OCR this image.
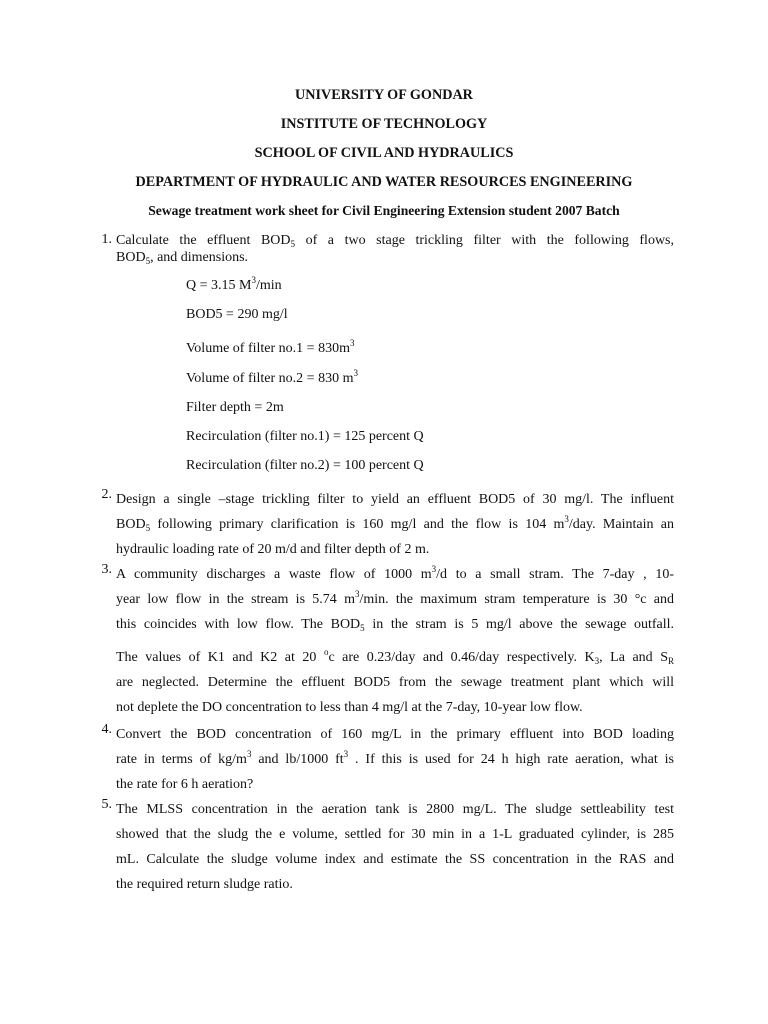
UNIVERSITY OF GONDAR
INSTITUTE OF TECHNOLOGY
SCHOOL OF CIVIL AND HYDRAULICS
DEPARTMENT OF HYDRAULIC AND WATER RESOURCES ENGINEERING
Sewage treatment work sheet for Civil Engineering Extension student 2007 Batch
1. Calculate the effluent $BOD_5$ of a two stage trickling filter with the following flows,
$BOD_5$, and dimensions.
Q = 3.15 $M^3/\min$
BOD5 = 290 mg/l
Volume of filter $no.1 = 830m^3$
Volume of filter no.2 = 830 $m^3$
Filter depth = 2m
Recirculation (filter no.1) = 125 percent Q
Recirculation (filter no.2) = 100 percent Q
2. Design a single –stage trickling filter to yield an effluent BOD5 of 30 mg/l. The influent
$BOD_5$ following primary clarification is 160 mg/l and the flow is 104 $m^3$/day. Maintain an
hydraulic loading rate of 20 m/d and filter depth of 2 m.
3. A community discharges a waste flow of 1000 $m^3/d$ to a small stram. The 7-day , 10-
year low flow in the stream is 5.74 $m^3/\min$. the maximum stram temperature is 30 °c and
this coincides with low flow. The $BOD_5$ in the stram is 5 mg/l above the sewage outfall.
The values of K1 and K2 at 20 $^o$c are 0.23/day and 0.46/day respectively. $K_3$, La and $S_R$
are neglected. Determine the effluent BOD5 from the sewage treatment plant which will
not deplete the DO concentration to less than 4 mg/l at the 7-day, 10-year low flow.
4. Convert the BOD concentration of 160 mg/L in the primary effluent into BOD loading
rate in terms of $kg/m^3$ and lb/1000 $ft^3$ . If this is used for 24 h high rate aeration, what is
the rate for 6 h aeration?
5. The MLSS concentration in the aeration tank is 2800 mg/L. The sludge settleability test
showed that the sludg the e volume, settled for 30 min in a 1-L graduated cylinder, is 285
mL. Calculate the sludge volume index and estimate the SS concentration in the RAS and
the required return sludge ratio.
